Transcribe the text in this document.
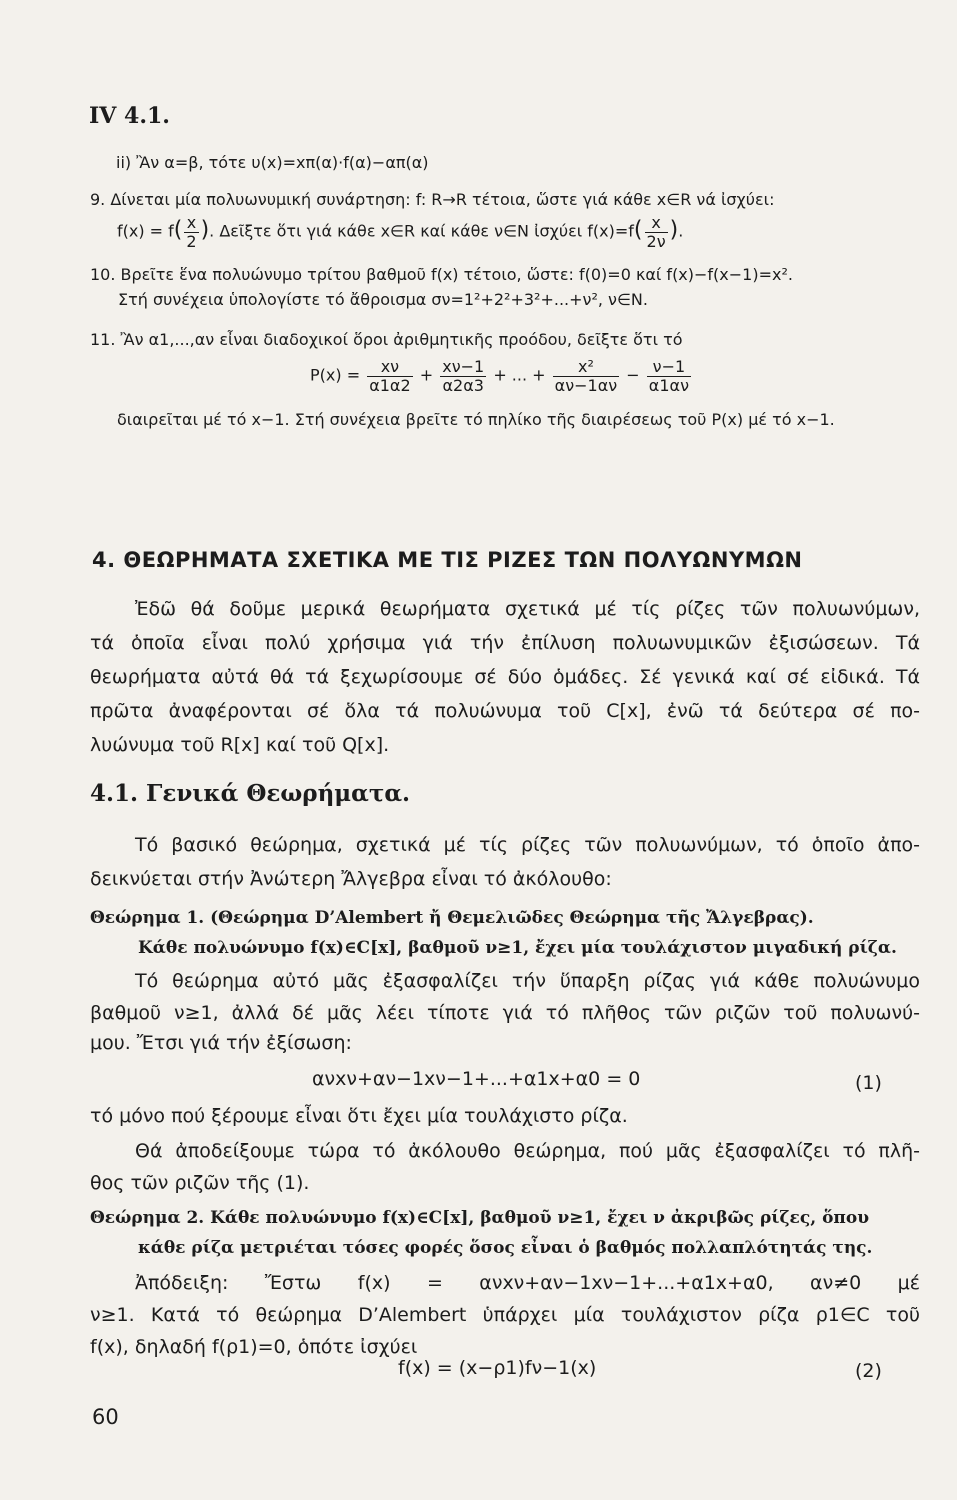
IV 4.1.
ii) Ἂν α=β, τότε υ(x)=xπ(α)·f(α)−απ(α)
9. Δίνεται μία πολυωνυμική συνάρτηση: f: R→R τέτοια, ὥστε γιά κάθε x∈R νά ἰσχύει:
$f(x) = f( \frac{x}{2}$ ). Δεῖξτε ὅτι γιά κάθε x∈R καί κάθε ν∈N ἰσχύει $f(x)=f( \frac{x}{2\nu}$ ).
10. Βρεῖτε ἕνα πολυώνυμο τρίτου βαθμοῦ f(x) τέτοιο, ὥστε: f(0)=0 καί f(x)−f(x−1)=x².
Στή συνέχεια ὑπολογίστε τό ἄθροισμα σν=1²+2²+3²+...+ν², ν∈N.
11. Ἂν α1,...,αν εἶναι διαδοχικοί ὅροι ἀριθμητικῆς προόδου, δεῖξτε ὅτι τό
$P(x) = \frac{x\nu}{\alpha 1\alpha 2} + \frac{x\nu-1}{\alpha 2\alpha 3}$ + ... + $\frac{\text{x²}}{\alpha\nu-1\alpha\nu} - \frac{\nu-1}{\alpha 1\alpha\nu}$
διαιρεῖται μέ τό x−1. Στή συνέχεια βρεῖτε τό πηλίκο τῆς διαιρέσεως τοῦ P(x) μέ τό x−1.
4. ΘΕΩΡΗΜΑΤΑ ΣΧΕΤΙΚΑ ΜΕ ΤΙΣ ΡΙΖΕΣ ΤΩΝ ΠΟΛΥΩΝΥΜΩΝ
Ἐδῶ θά δοῦμε μερικά θεωρήματα σχετικά μέ τίς ρίζες τῶν πολυωνύμων,
τά ὁποῖα εἶναι πολύ χρήσιμα γιά τήν ἐπίλυση πολυωνυμικῶν ἐξισώσεων. Τά
θεωρήματα αὐτά θά τά ξεχωρίσουμε σέ δύο ὁμάδες. Σέ γενικά καί σέ εἰδικά. Τά
πρῶτα ἀναφέρονται σέ ὅλα τά πολυώνυμα τοῦ C[x], ἐνῶ τά δεύτερα σέ πο-
λυώνυμα τοῦ R[x] καί τοῦ Q[x].
4.1. Γενικά Θεωρήματα.
Τό βασικό θεώρημα, σχετικά μέ τίς ρίζες τῶν πολυωνύμων, τό ὁποῖο ἀπο-
δεικνύεται στήν Ἀνώτερη Ἄλγεβρα εἶναι τό ἀκόλουθο:
Θεώρημα 1. (Θεώρημα D’Alembert ἤ Θεμελιῶδες Θεώρημα τῆς Ἄλγεβρας).
Κάθε πολυώνυμο f(x)∈C[x], βαθμοῦ ν≥1, ἔχει μία τουλάχιστον μιγαδική ρίζα.
Τό θεώρημα αὐτό μᾶς ἐξασφαλίζει τήν ὕπαρξη ρίζας γιά κάθε πολυώνυμο
βαθμοῦ ν≥1, ἀλλά δέ μᾶς λέει τίποτε γιά τό πλῆθος τῶν ριζῶν τοῦ πολυωνύ-
μου. Ἔτσι γιά τήν ἐξίσωση:
ανxν+αν−1xν−1+...+α1x+α0 = 0	(1)
τό μόνο πού ξέρουμε εἶναι ὅτι ἔχει μία τουλάχιστο ρίζα.
Θά ἀποδείξουμε τώρα τό ἀκόλουθο θεώρημα, πού μᾶς ἐξασφαλίζει τό πλῆ-
θος τῶν ριζῶν τῆς (1).
Θεώρημα 2. Κάθε πολυώνυμο f(x)∈C[x], βαθμοῦ ν≥1, ἔχει ν ἀκριβῶς ρίζες, ὅπου
κάθε ρίζα μετριέται τόσες φορές ὅσος εἶναι ὁ βαθμός πολλαπλότητάς της.
Ἀπόδειξη: Ἔστω f(x) = ανxν+αν−1xν−1+...+α1x+α0, αν≠0 μέ
ν≥1. Κατά τό θεώρημα D’Alembert ὑπάρχει μία τουλάχιστον ρίζα ρ1∈C τοῦ
f(x), δηλαδή f(ρ1)=0, ὁπότε ἰσχύει
f(x) = (x−ρ1)fν−1(x)	(2)
60
